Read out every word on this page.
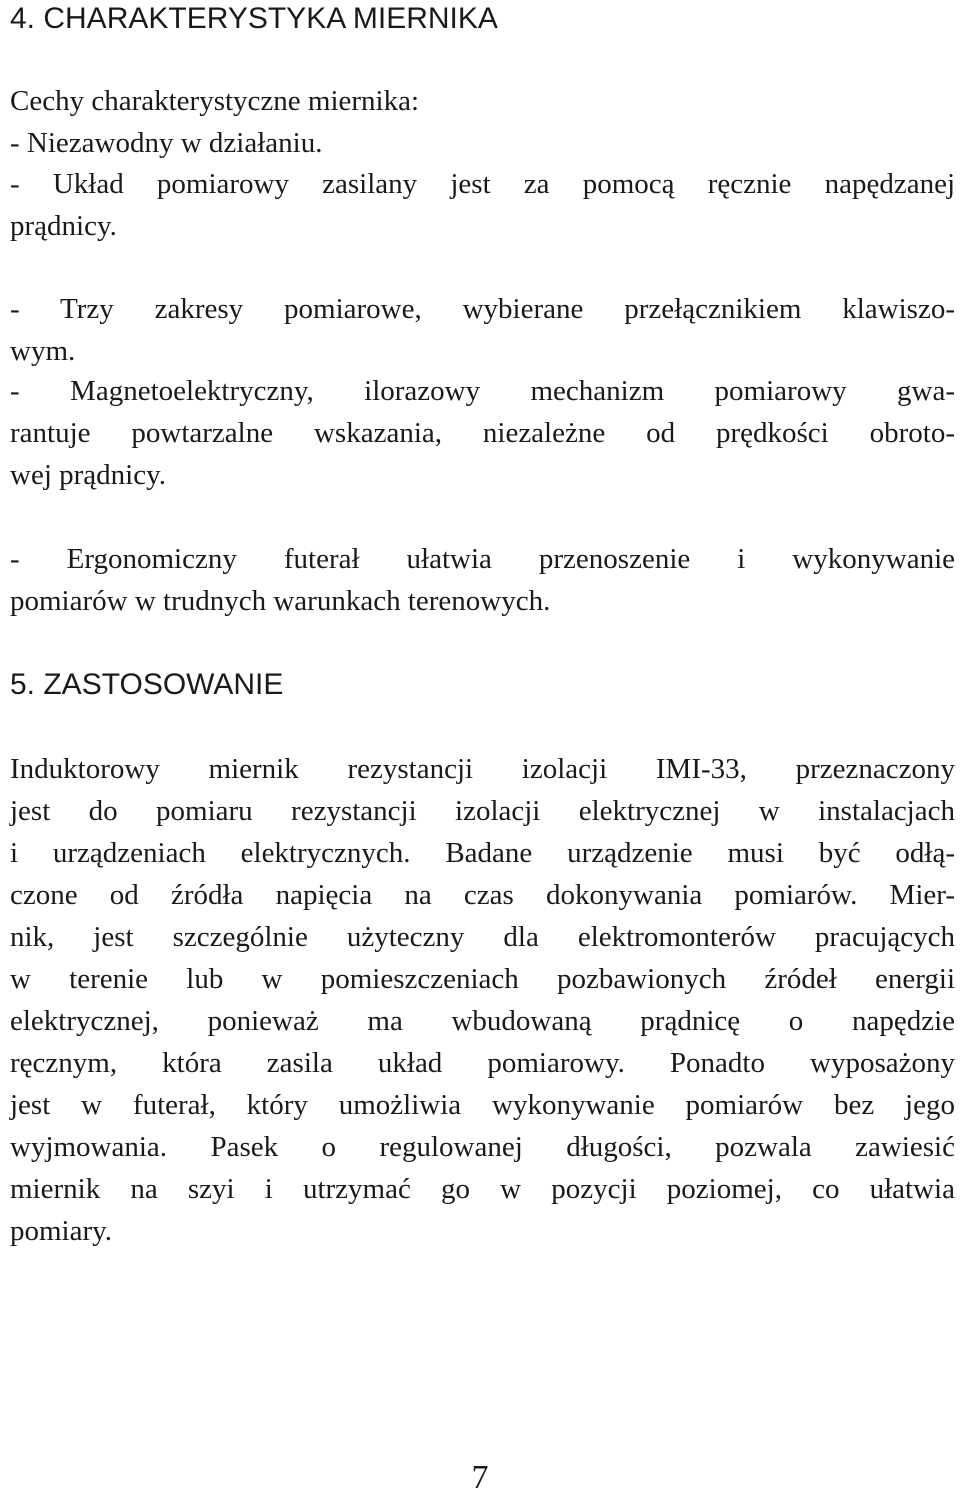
4. CHARAKTERYSTYKA MIERNIKA

Cechy charakterystyczne miernika:

- Niezawodny w działaniu.

- Układ pomiarowy zasilany jest za pomocą ręcznie napędzanej
prądnicy.

- Trzy zakresy pomiarowe, wybierane przełącznikiem klawiszo-
wym.

- Magnetoelektryczny, ilorazowy mechanizm pomiarowy gwa-
rantuje powtarzalne wskazania, niezależne od prędkości obroto-
wej prądnicy.

- Ergonomiczny futerał ułatwia przenoszenie i wykonywanie
pomiarów w trudnych warunkach terenowych.

5. ZASTOSOWANIE

Induktorowy miernik rezystancji izolacji IMI-33, przeznaczony
jest do pomiaru rezystancji izolacji elektrycznej w instalacjach
i urządzeniach elektrycznych. Badane urządzenie musi być odłą-
czone od źródła napięcia na czas dokonywania pomiarów. Mier-
nik, jest szczególnie użyteczny dla elektromonterów pracujących
w terenie lub w pomieszczeniach pozbawionych źródeł energii
elektrycznej, ponieważ ma wbudowaną prądnicę o napędzie
ręcznym, która zasila układ pomiarowy. Ponadto wyposażony
jest w futerał, który umożliwia wykonywanie pomiarów bez jego
wyjmowania. Pasek o regulowanej długości, pozwala zawiesić
miernik na szyi i utrzymać go w pozycji poziomej, co ułatwia
pomiary.

7
